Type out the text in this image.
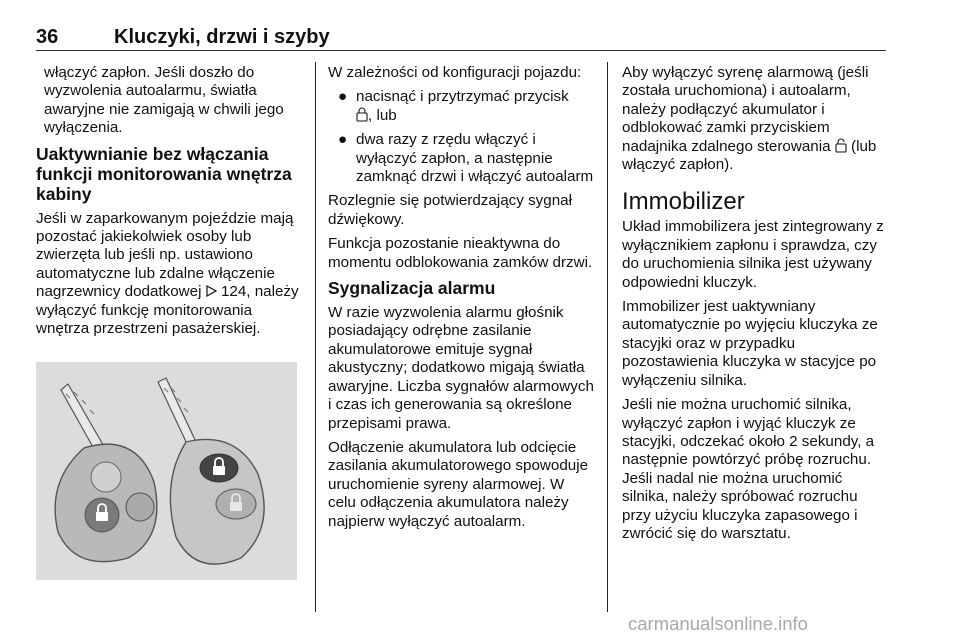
36	Kluczyki, drzwi i szyby

włączyć zapłon. Jeśli doszło do wyzwolenia autoalarmu, światła awaryjne nie zamigają w chwili jego wyłączenia.

Uaktywnianie bez włączania funkcji monitorowania wnętrza kabiny

Jeśli w zaparkowanym pojeździe mają pozostać jakiekolwiek osoby lub zwierzęta lub jeśli np. ustawiono automatyczne lub zdalne włączenie nagrzewnicy dodatkowej 124, należy wyłączyć funkcję monitorowania wnętrza przestrzeni pasażerskiej.

W zależności od konfiguracji pojazdu:

● nacisnąć i przytrzymać przycisk
, lub
● dwa razy z rzędu włączyć i wyłączyć zapłon, a następnie zamknąć drzwi i włączyć autoalarm

Rozlegnie się potwierdzający sygnał dźwiękowy.

Funkcja pozostanie nieaktywna do momentu odblokowania zamków drzwi.

Sygnalizacja alarmu

W razie wyzwolenia alarmu głośnik posiadający odrębne zasilanie akumulatorowe emituje sygnał akustyczny; dodatkowo migają światła awaryjne. Liczba sygnałów alarmowych i czas ich generowania są określone przepisami prawa.

Odłączenie akumulatora lub odcięcie zasilania akumulatorowego spowoduje uruchomienie syreny alarmowej. W celu odłączenia akumulatora należy najpierw wyłączyć autoalarm.

Aby wyłączyć syrenę alarmową (jeśli została uruchomiona) i autoalarm, należy podłączyć akumulator i odblokować zamki przyciskiem nadajnika zdalnego sterowania  (lub włączyć zapłon).

Immobilizer

Układ immobilizera jest zintegrowany z wyłącznikiem zapłonu i sprawdza, czy do uruchomienia silnika jest używany odpowiedni kluczyk.

Immobilizer jest uaktywniany automatycznie po wyjęciu kluczyka ze stacyjki oraz w przypadku pozostawienia kluczyka w stacyjce po wyłączeniu silnika.

Jeśli nie można uruchomić silnika, wyłączyć zapłon i wyjąć kluczyk ze stacyjki, odczekać około 2 sekundy, a następnie powtórzyć próbę rozruchu. Jeśli nadal nie można uruchomić silnika, należy spróbować rozruchu przy użyciu kluczyka zapasowego i zwrócić się do warsztatu.

carmanualsonline.info
